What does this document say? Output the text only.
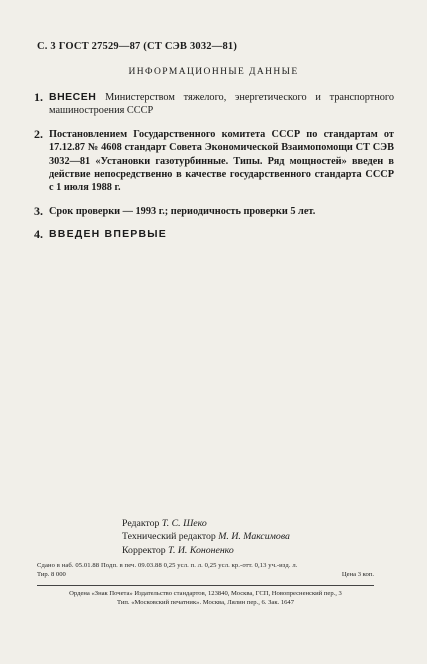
С. 3 ГОСТ 27529—87 (СТ СЭВ 3032—81)
ИНФОРМАЦИОННЫЕ ДАННЫЕ
1. ВНЕСЕН Министерством тяжелого, энергетического и транспортного машиностроения СССР
2. Постановлением Государственного комитета СССР по стандартам от 17.12.87 № 4608 стандарт Совета Экономической Взаимопомощи СТ СЭВ 3032—81 «Установки газотурбинные. Типы. Ряд мощностей» введен в действие непосредственно в качестве государственного стандарта СССР с 1 июля 1988 г.
3. Срок проверки — 1993 г.; периодичность проверки 5 лет.
4. ВВЕДЕН ВПЕРВЫЕ
Редактор Т. С. Шеко
Технический редактор М. И. Максимова
Корректор Т. И. Кононенко
Сдано в наб. 05.01.88 Подп. в печ. 09.03.88 0,25 усл. п. л. 0,25 усл. кр.-отт. 0,13 уч.-изд. л.
Тир. 8 000	Цена 3 коп.
Ордена «Знак Почета» Издательство стандартов, 123840, Москва, ГСП, Новопресненский пер., 3
Тип. «Московский печатник». Москва, Лялин пер., 6. Зак. 1647
